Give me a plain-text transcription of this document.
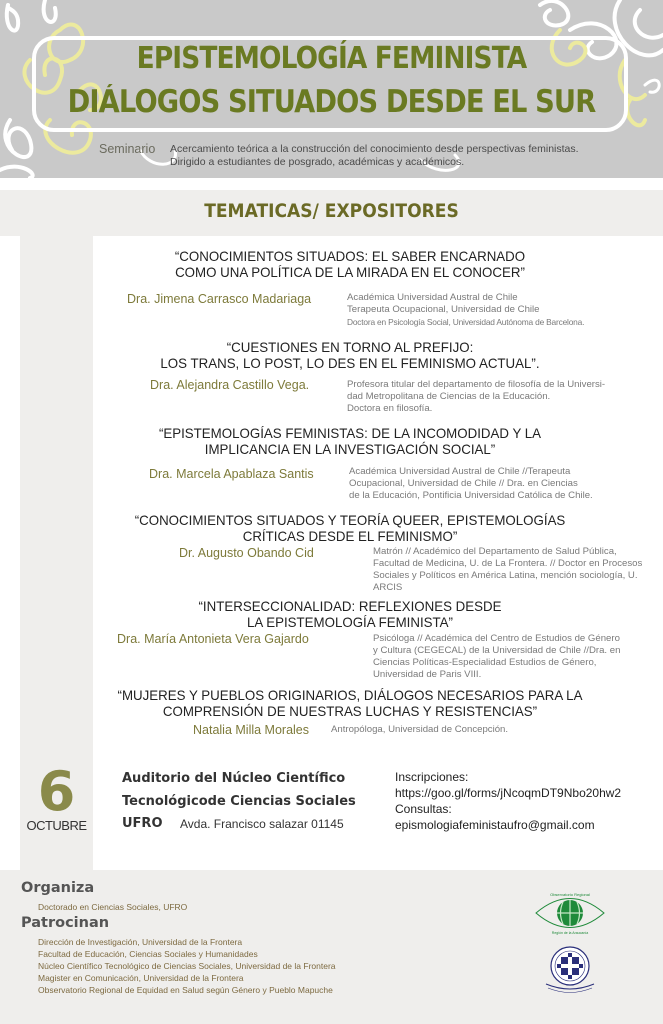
EPISTEMOLOGÍA FEMINISTA
DIÁLOGOS SITUADOS DESDE EL SUR
Seminario Acercamiento teórica a la construcción del conocimiento desde perspectivas feministas.
Dirigido a estudiantes de posgrado, académicas y académicos.
TEMATICAS/ EXPOSITORES
“CONOCIMIENTOS SITUADOS: EL SABER ENCARNADO
COMO UNA POLÍTICA DE LA MIRADA EN EL CONOCER”
Dra. Jimena Carrasco Madariaga	Académica Universidad Austral de Chile
Terapeuta Ocupacional, Universidad de Chile
Doctora en Psicología Social, Universidad Autónoma de Barcelona.
“CUESTIONES EN TORNO AL PREFIJO:
LOS TRANS, LO POST, LO DES EN EL FEMINISMO ACTUAL”.
Dra. Alejandra Castillo Vega.	Profesora titular del departamento de filosofía de la Universi-
dad Metropolitana de Ciencias de la Educación.
Doctora en filosofía.
“EPISTEMOLOGÍAS FEMINISTAS: DE LA INCOMODIDAD Y LA
IMPLICANCIA EN LA INVESTIGACIÓN SOCIAL”
Dra. Marcela Apablaza Santis	Académica Universidad Austral de Chile //Terapeuta
Ocupacional, Universidad de Chile // Dra. en Ciencias
de la Educación, Pontificia Universidad Católica de Chile.
“CONOCIMIENTOS SITUADOS Y TEORÍA QUEER, EPISTEMOLOGÍAS
CRÍTICAS DESDE EL FEMINISMO”
Dr. Augusto Obando Cid	Matrón // Académico del Departamento de Salud Pública,
Facultad de Medicina, U. de La Frontera. // Doctor en Procesos
Sociales y Políticos en América Latina, mención sociología, U.
ARCIS
“INTERSECCIONALIDAD: REFLEXIONES DESDE
LA EPISTEMOLOGÍA FEMINISTA”
Dra. María Antonieta Vera Gajardo	Psicóloga // Académica del Centro de Estudios de Género
y Cultura (CEGECAL) de la Universidad de Chile //Dra. en
Ciencias Políticas-Especialidad Estudios de Género,
Universidad de Paris VIII.
“MUJERES Y PUEBLOS ORIGINARIOS, DIÁLOGOS NECESARIOS PARA LA
COMPRENSIÓN DE NUESTRAS LUCHAS Y RESISTENCIAS”
Natalia Milla Morales Antropóloga, Universidad de Concepción.
6
OCTUBRE
Auditorio del Núcleo Científico
Tecnológicode Ciencias Sociales
UFRO Avda. Francisco salazar 01145
Inscripciones:
https://goo.gl/forms/jNcoqmDT9Nbo20hw2
Consultas:
epismologiafeministaufro@gmail.com
Organiza
Doctorado en Ciencias Sociales, UFRO
Patrocinan
Dirección de Investigación, Universidad de la Frontera
Facultad de Educación, Ciencias Sociales y Humanidades
Núcleo Científico Tecnológico de Ciencias Sociales, Universidad de la Frontera
Magister en Comunicación, Universidad de la Frontera
Observatorio Regional de Equidad en Salud según Género y Pueblo Mapuche
Observatorio Regional
Región de la Araucanía
